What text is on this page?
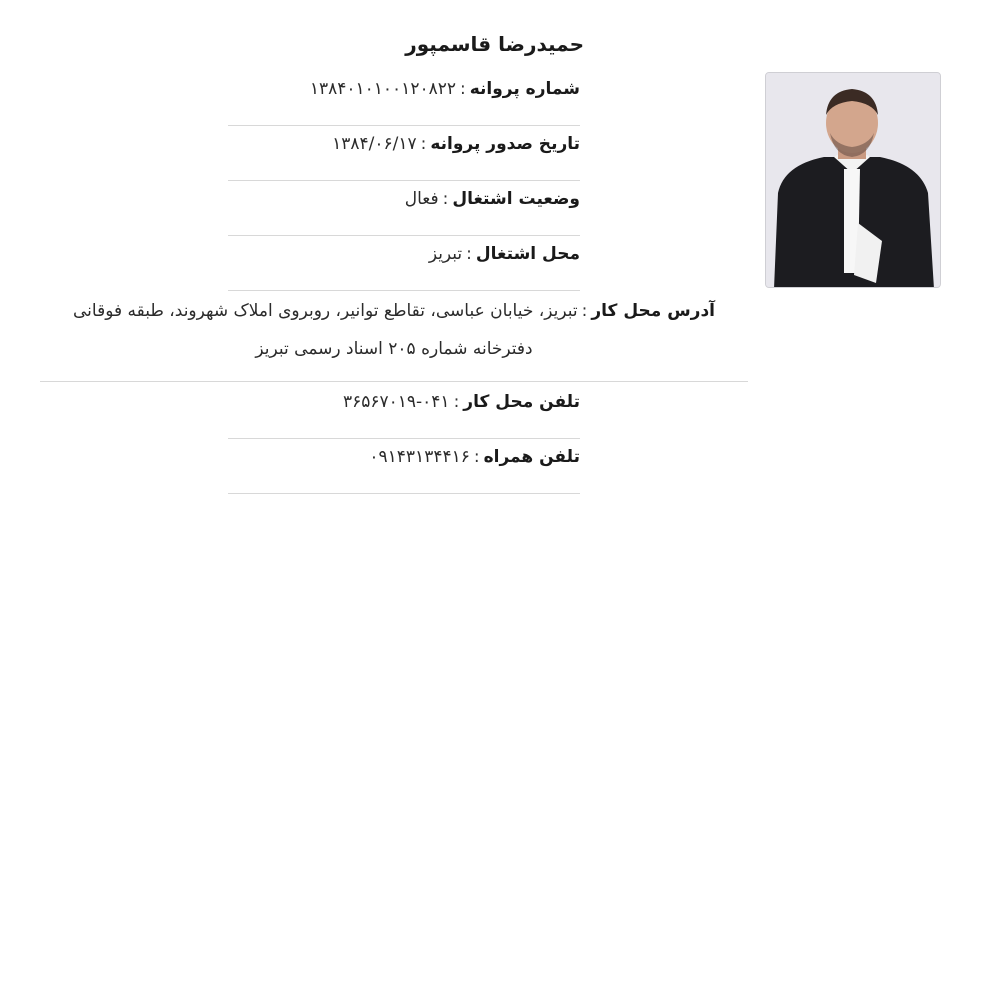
حمیدرضا قاسمپور
شماره پروانه:۱۳۸۴۰۱۰۱۰۰۱۲۰۸۲۲
تاریخ صدور پروانه:۱۳۸۴/۰۶/۱۷
وضعیت اشتغال:فعال
محل اشتغال:تبریز
آدرس محل کار:تبریز، خیابان عباسی، تقاطع توانیر، روبروی املاک شهروند، طبقه فوقانی
دفترخانه شماره ۲۰۵ اسناد رسمی تبریز
تلفن محل کار:۰۴۱-۳۶۵۶۷۰۱۹
تلفن همراه:۰۹۱۴۳۱۳۴۴۱۶
